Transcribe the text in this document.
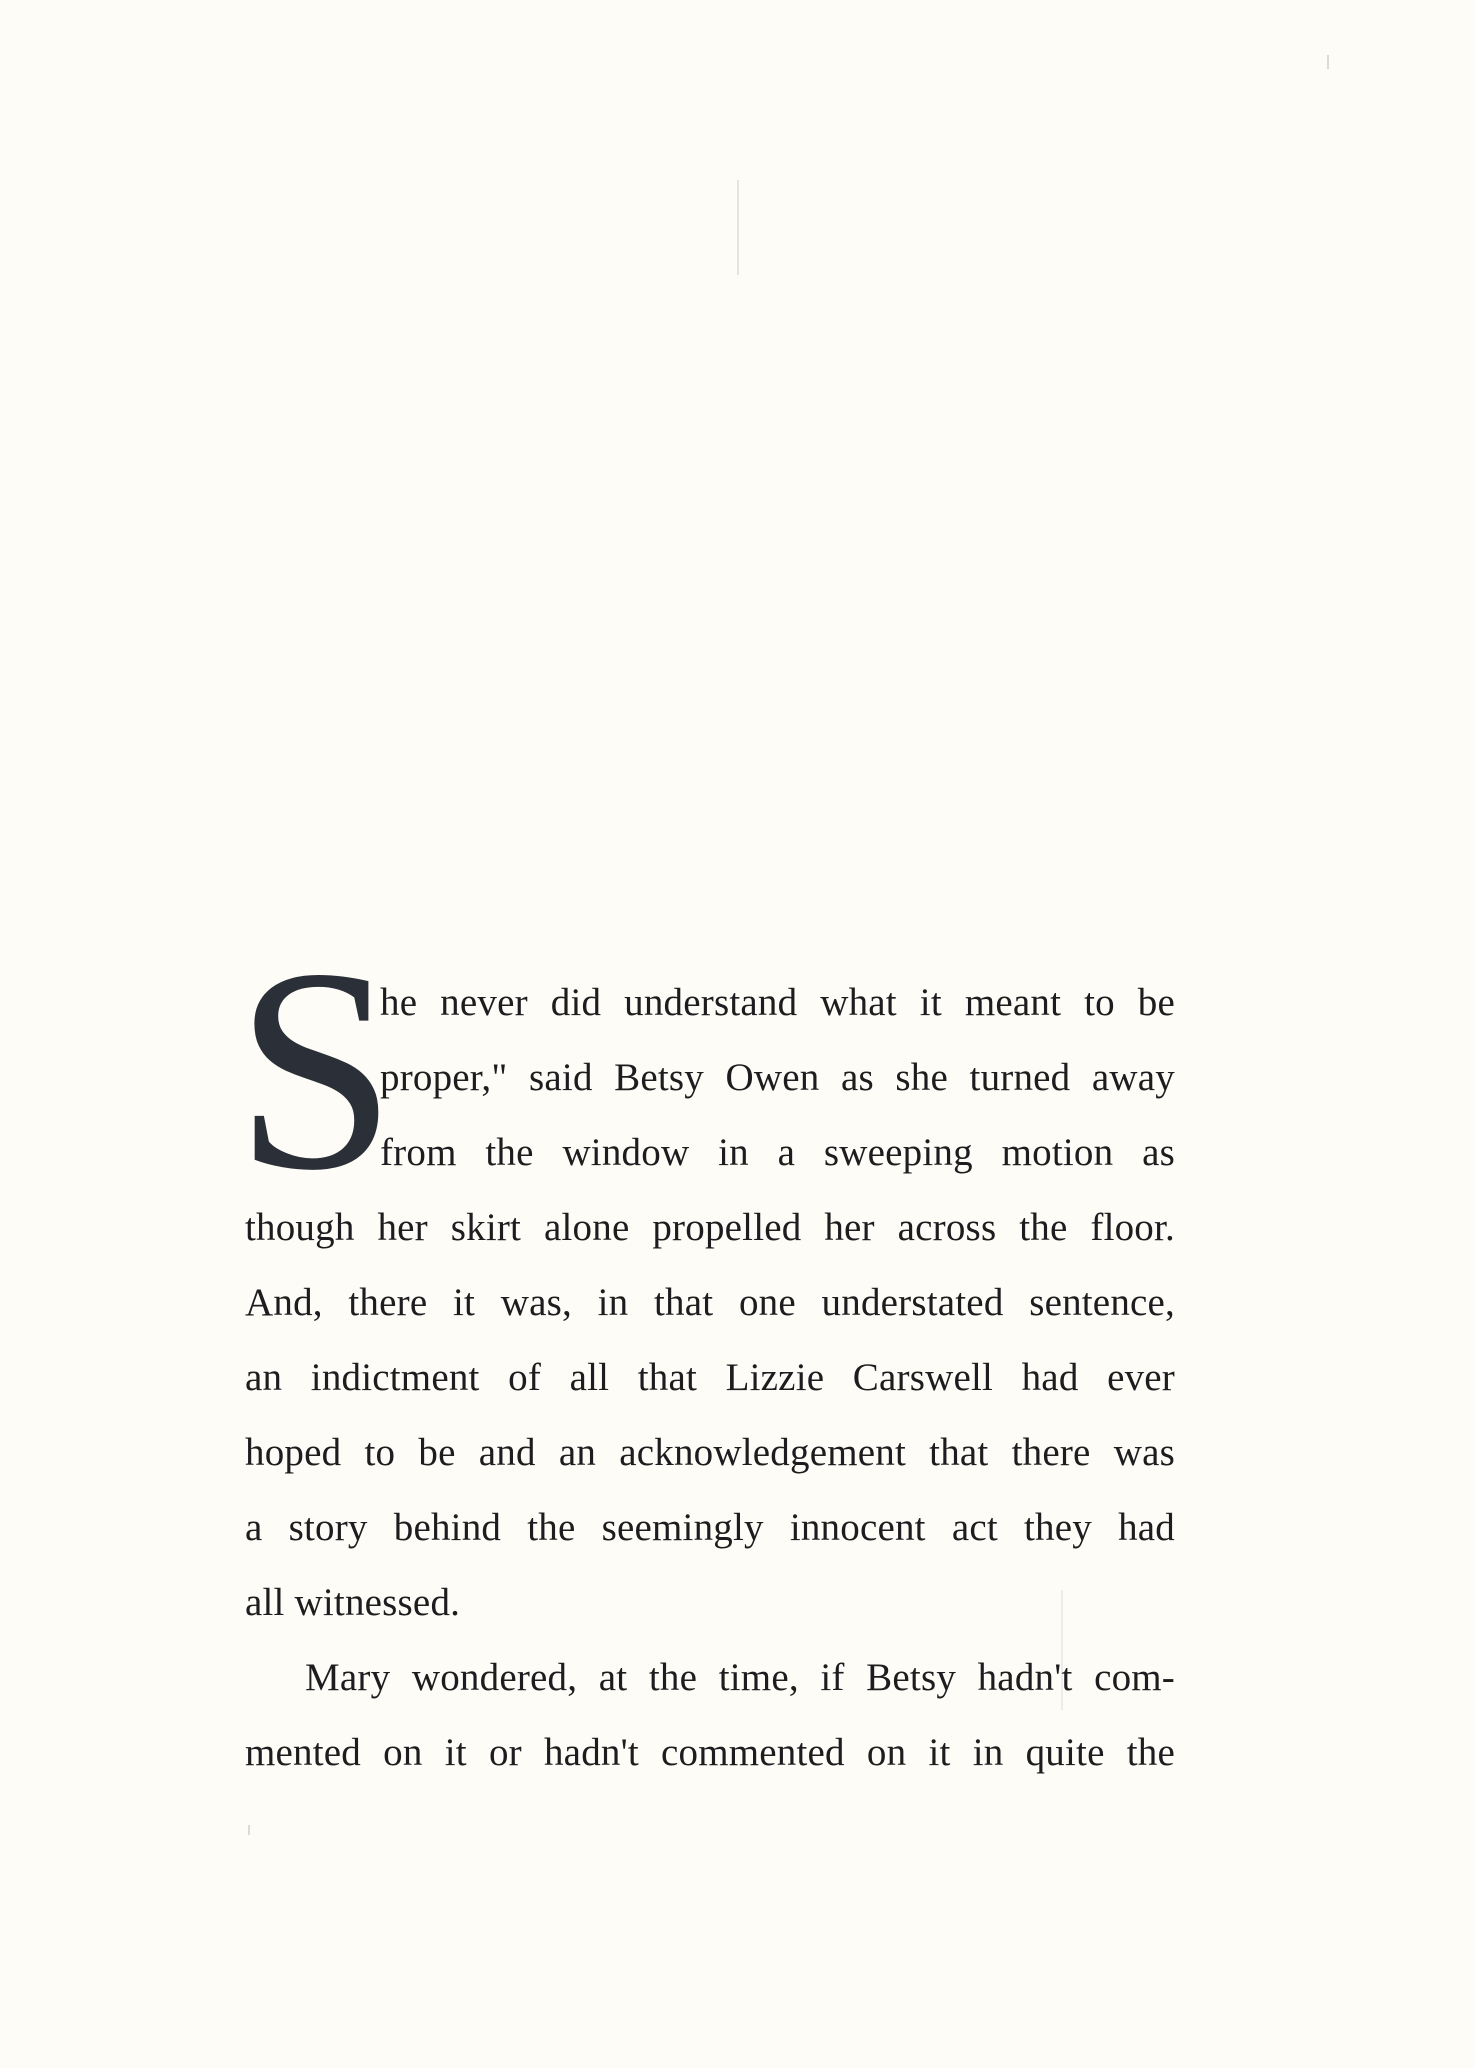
S
he never did understand what it meant to be
proper," said Betsy Owen as she turned away
from the window in a sweeping motion as
though her skirt alone propelled her across the floor.
And, there it was, in that one understated sentence,
an indictment of all that Lizzie Carswell had ever
hoped to be and an acknowledgement that there was
a story behind the seemingly innocent act they had
all witnessed.
Mary wondered, at the time, if Betsy hadn't com-
mented on it or hadn't commented on it in quite the
